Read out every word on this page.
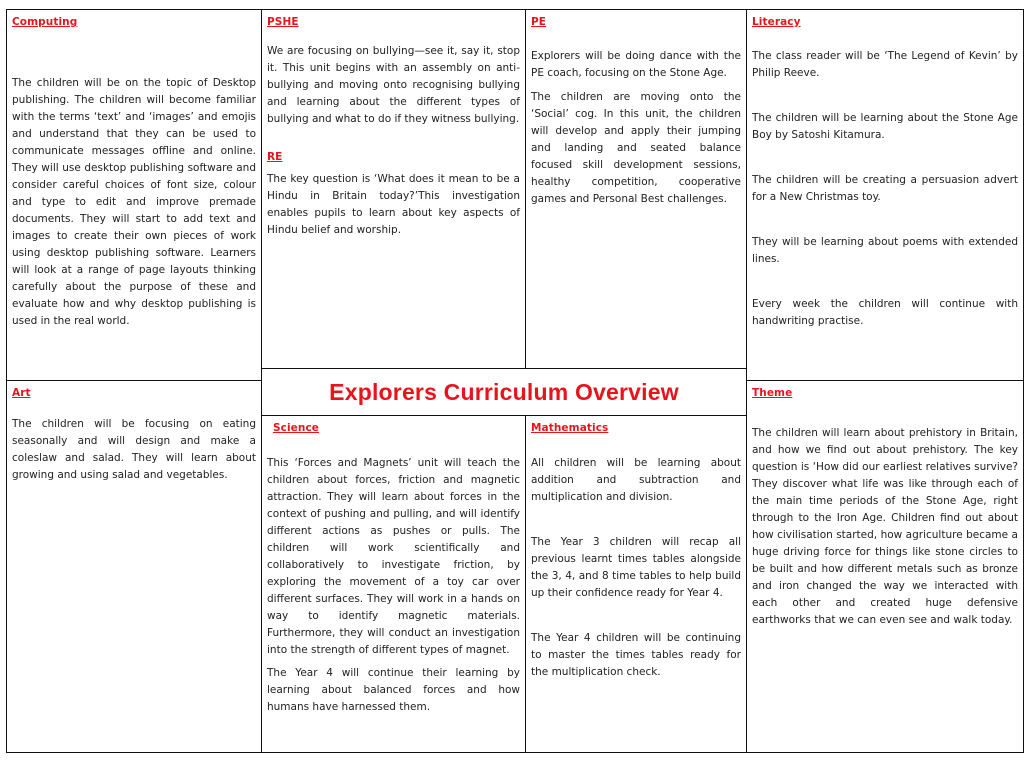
Computing

The children will be on the topic of Desktop publishing. The children will become familiar with the terms ‘text’ and ‘images’ and emojis and understand that they can be used to communicate messages offline and online. They will use desktop publishing software and consider careful choices of font size, colour and type to edit and improve premade documents. They will start to add text and images to create their own pieces of work using desktop publishing software. Learners will look at a range of page layouts thinking carefully about the purpose of these and evaluate how and why desktop publishing is used in the real world.

PSHE

We are focusing on bullying—see it, say it, stop it. This unit begins with an assembly on anti-bullying and moving onto recognising bullying and learning about the different types of bullying and what to do if they witness bullying.

RE

The key question is ‘What does it mean to be a Hindu in Britain today?’This investigation enables pupils to learn about key aspects of Hindu belief and worship.

PE

Explorers will be doing dance with the PE coach, focusing on the Stone Age.

The children are moving onto the ‘Social’ cog. In this unit, the children will develop and apply their jumping and landing and seated balance focused skill development sessions, healthy competition, cooperative games and Personal Best challenges.

Literacy

The class reader will be ‘The Legend of Kevin’ by Philip Reeve.

The children will be learning about the Stone Age Boy by Satoshi Kitamura.

The children will be creating a persuasion advert for a New Christmas toy.

They will be learning about poems with extended lines.

Every week the children will continue with handwriting practise.

Explorers Curriculum Overview

Art

The children will be focusing on eating seasonally and will design and make a coleslaw and salad. They will learn about growing and using salad and vegetables.

Science

This ‘Forces and Magnets’ unit will teach the children about forces, friction and magnetic attraction. They will learn about forces in the context of pushing and pulling, and will identify different actions as pushes or pulls. The children will work scientifically and collaboratively to investigate friction, by exploring the movement of a toy car over different surfaces. They will work in a hands on way to identify magnetic materials. Furthermore, they will conduct an investigation into the strength of different types of magnet.

The Year 4 will continue their learning by learning about balanced forces and how humans have harnessed them.

Mathematics

All children will be learning about addition and subtraction and multiplication and division.

The Year 3 children will recap all previous learnt times tables alongside the 3, 4, and 8 time tables to help build up their confidence ready for Year 4.

The Year 4 children will be continuing to master the times tables ready for the multiplication check.

Theme

The children will learn about prehistory in Britain, and how we find out about prehistory. The key question is ‘How did our earliest relatives survive? They discover what life was like through each of the main time periods of the Stone Age, right through to the Iron Age. Children find out about how civilisation started, how agriculture became a huge driving force for things like stone circles to be built and how different metals such as bronze and iron changed the way we interacted with each other and created huge defensive earthworks that we can even see and walk today.
